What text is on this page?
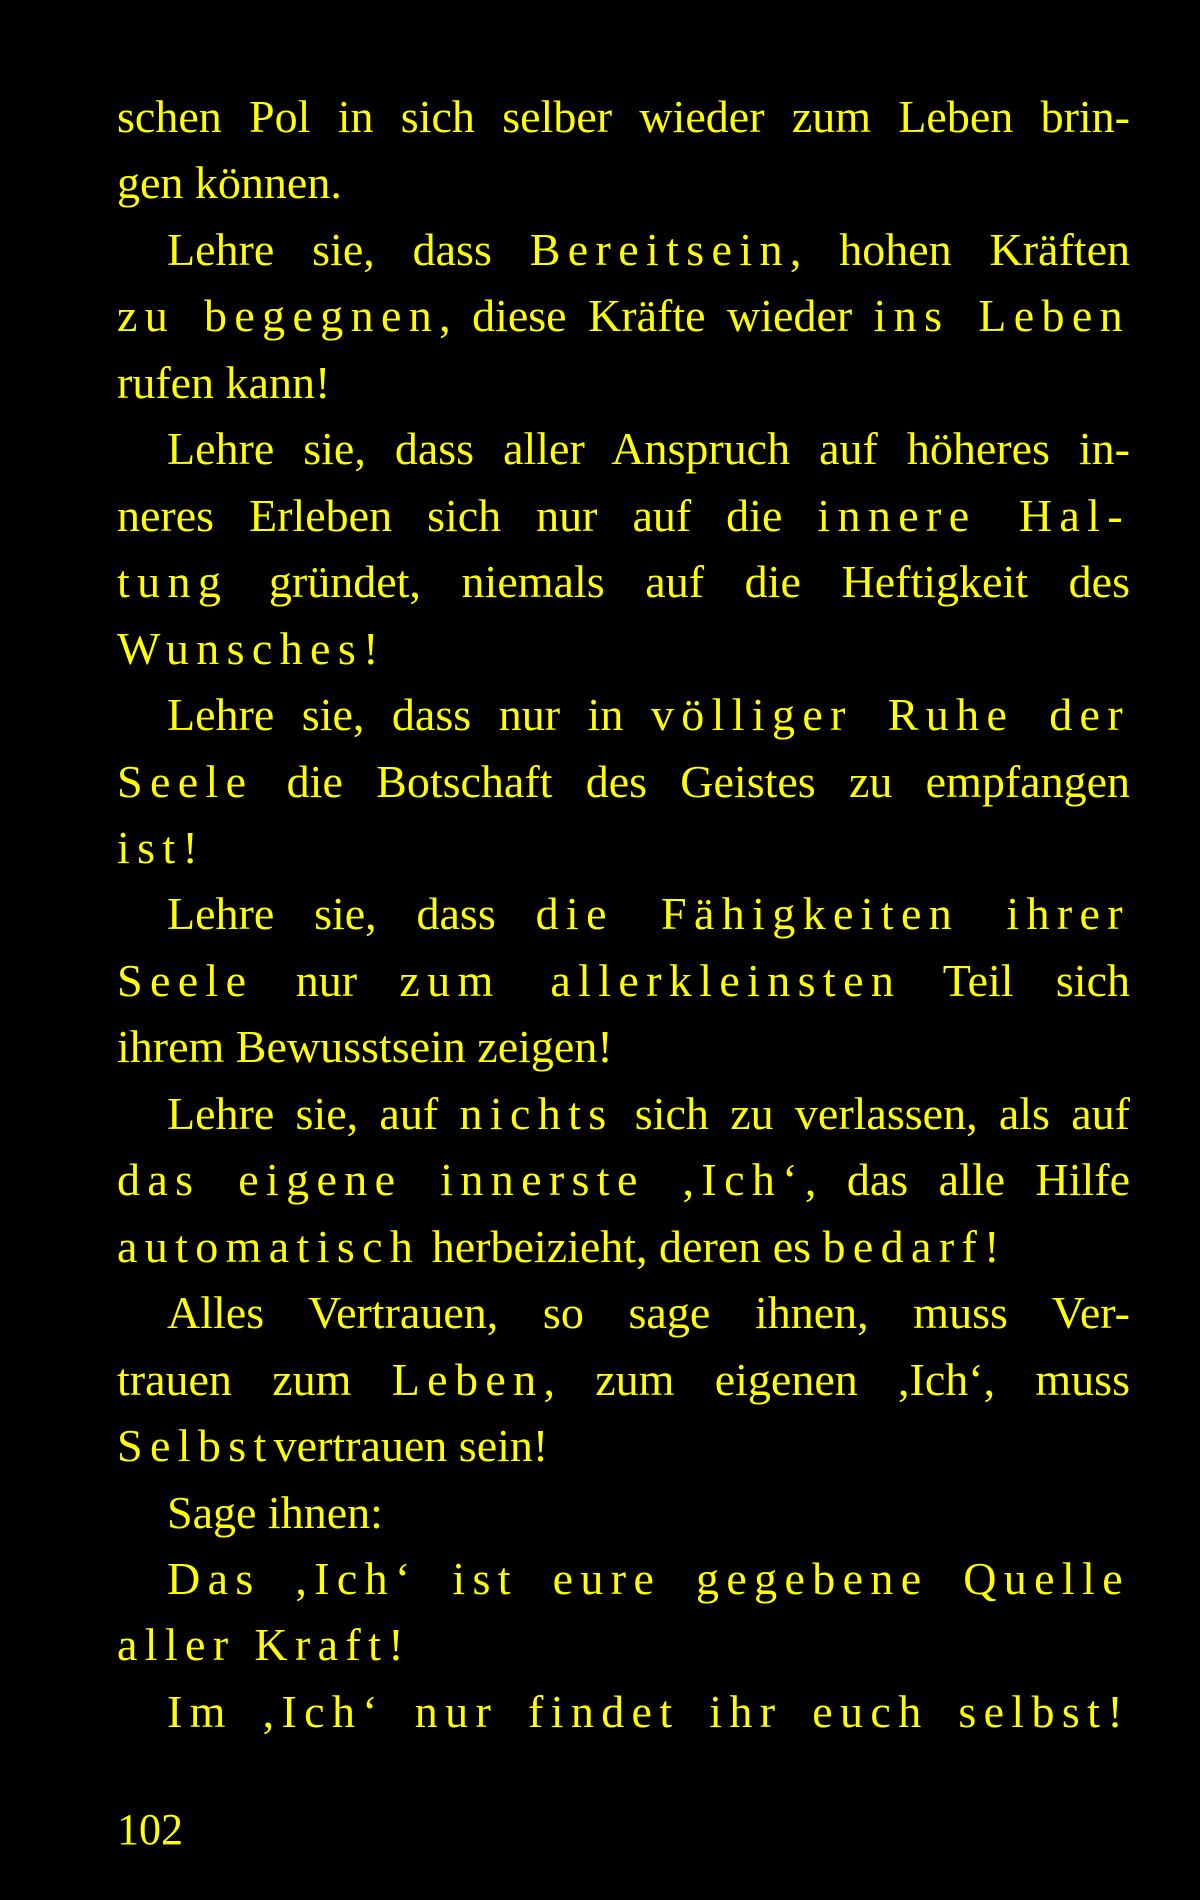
schen Pol in sich selber wieder zum Leben brin-
gen können.
Lehre sie, dass Bereitsein, hohen Kräften
zu begegnen, diese Kräfte wieder ins Leben
rufen kann!
Lehre sie, dass aller Anspruch auf höheres in-
neres Erleben sich nur auf die innere Hal-
tung gründet, niemals auf die Heftigkeit des
Wunsches!
Lehre sie, dass nur in völliger Ruhe der
Seele die Botschaft des Geistes zu empfangen
ist!
Lehre sie, dass die Fähigkeiten ihrer
Seele nur zum allerkleinsten Teil sich
ihrem Bewusstsein zeigen!
Lehre sie, auf nichts sich zu verlassen, als auf
das eigene innerste ,Ich‘, das alle Hilfe
automatisch herbeizieht, deren es bedarf!
Alles Vertrauen, so sage ihnen, muss Ver-
trauen zum Leben, zum eigenen ,Ich‘, muss
Selbstvertrauen sein!
Sage ihnen:
Das ,Ich‘ ist eure gegebene Quelle
aller Kraft!
Im ,Ich‘ nur findet ihr euch selbst!
102
